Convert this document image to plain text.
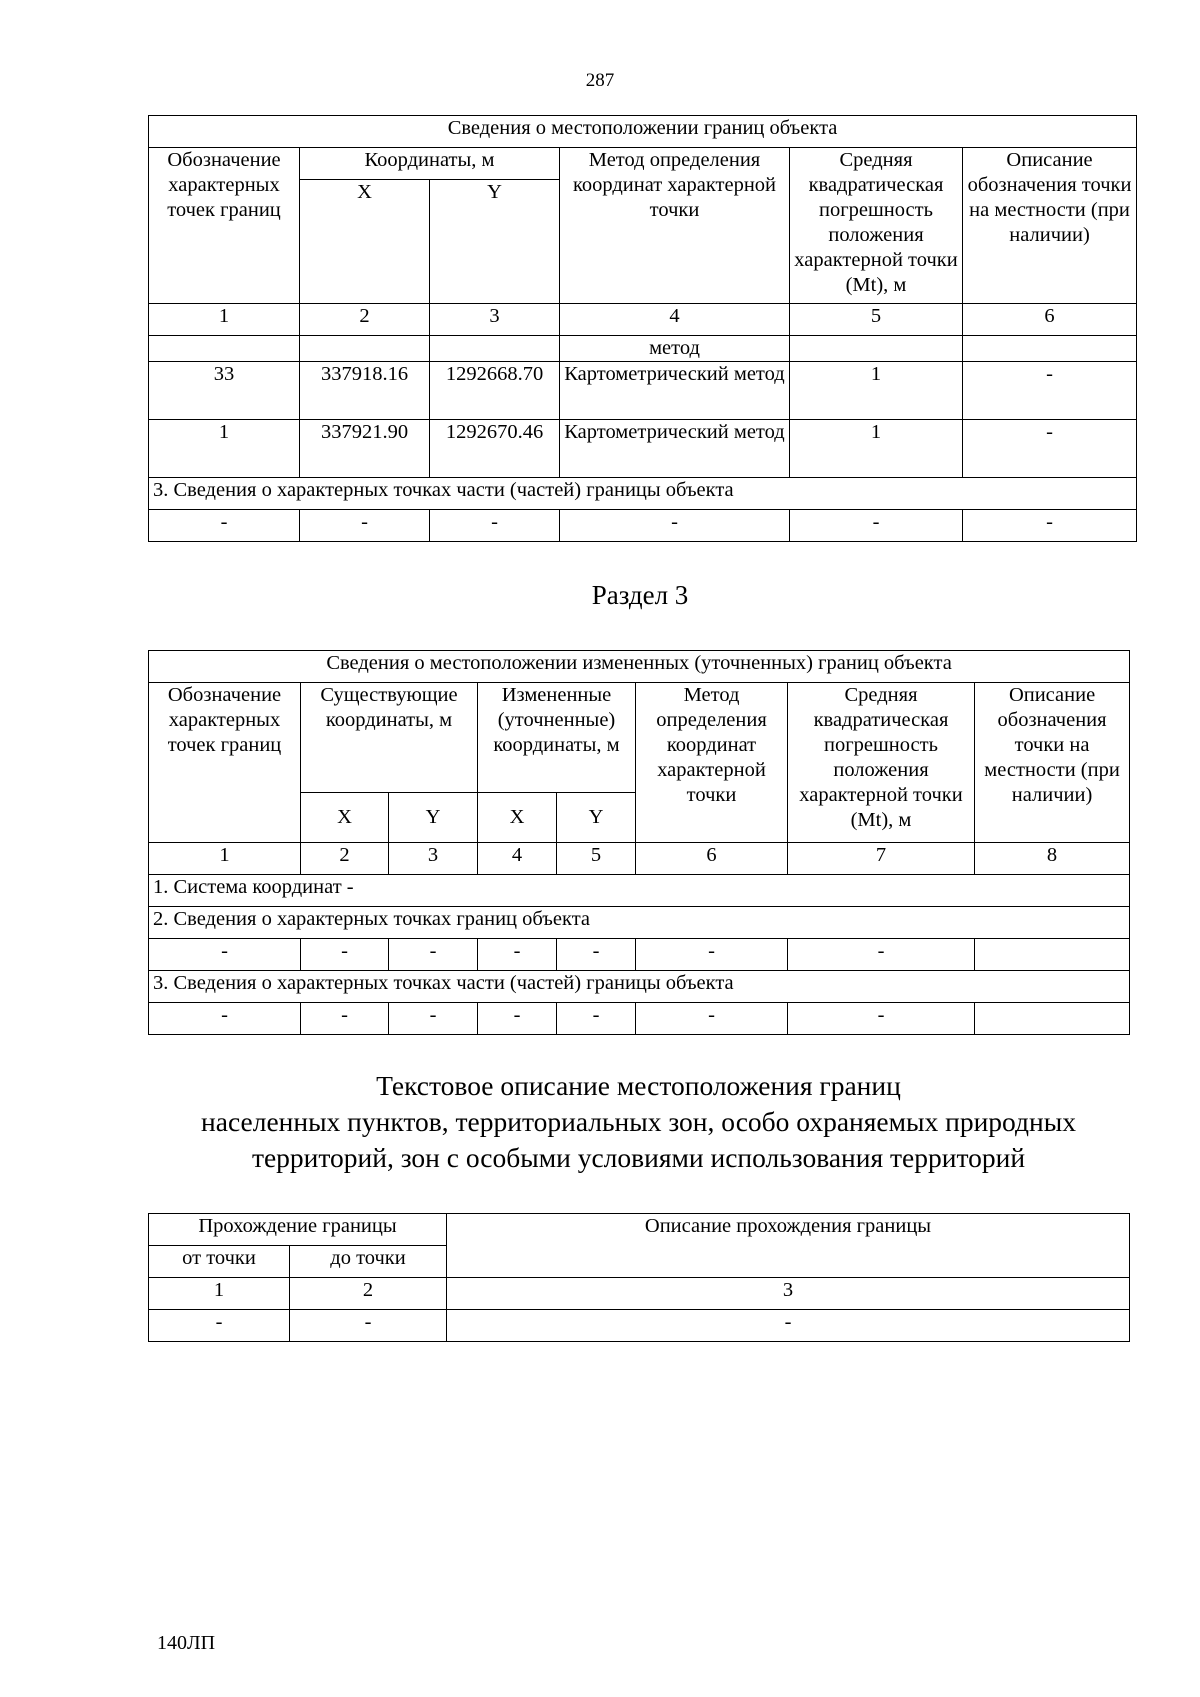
287
Сведения о местоположении границ объекта					
Обозначение характерных точек границ	Координаты, м		Метод определения координат характерной точки	Средняя квадратическая погрешность положения характерной точки (Mt), м	Описание обозначения точки на местности (при наличии)
	X	Y			
1	2	3	4	5	6
			метод		
33	337918.16	1292668.70	Картометрический метод	1	-
1	337921.90	1292670.46	Картометрический метод	1	-
3. Сведения о характерных точках части (частей) границы объекта					
-	-	-	-	-	-
Раздел 3
Сведения о местоположении измененных (уточненных) границ объекта							
Обозначение характерных точек границ	Существующие координаты, м		Измененные (уточненные) координаты, м		Метод определения координат характерной точки	Средняя квадратическая погрешность положения характерной точки (Mt), м	Описание обозначения точки на местности (при наличии)
	X	Y	X	Y			
1	2	3	4	5	6	7	8
1. Система координат -							
2. Сведения о характерных точках границ объекта							
-	-	-	-	-	-	-	
3. Сведения о характерных точках части (частей) границы объекта							
-	-	-	-	-	-	-	
Текстовое описание местоположения границ
населенных пунктов, территориальных зон, особо охраняемых природных
территорий, зон с особыми условиями использования территорий
Прохождение границы		Описание прохождения границы
от точки	до точки	
1	2	3
-	-	-
140ЛП
